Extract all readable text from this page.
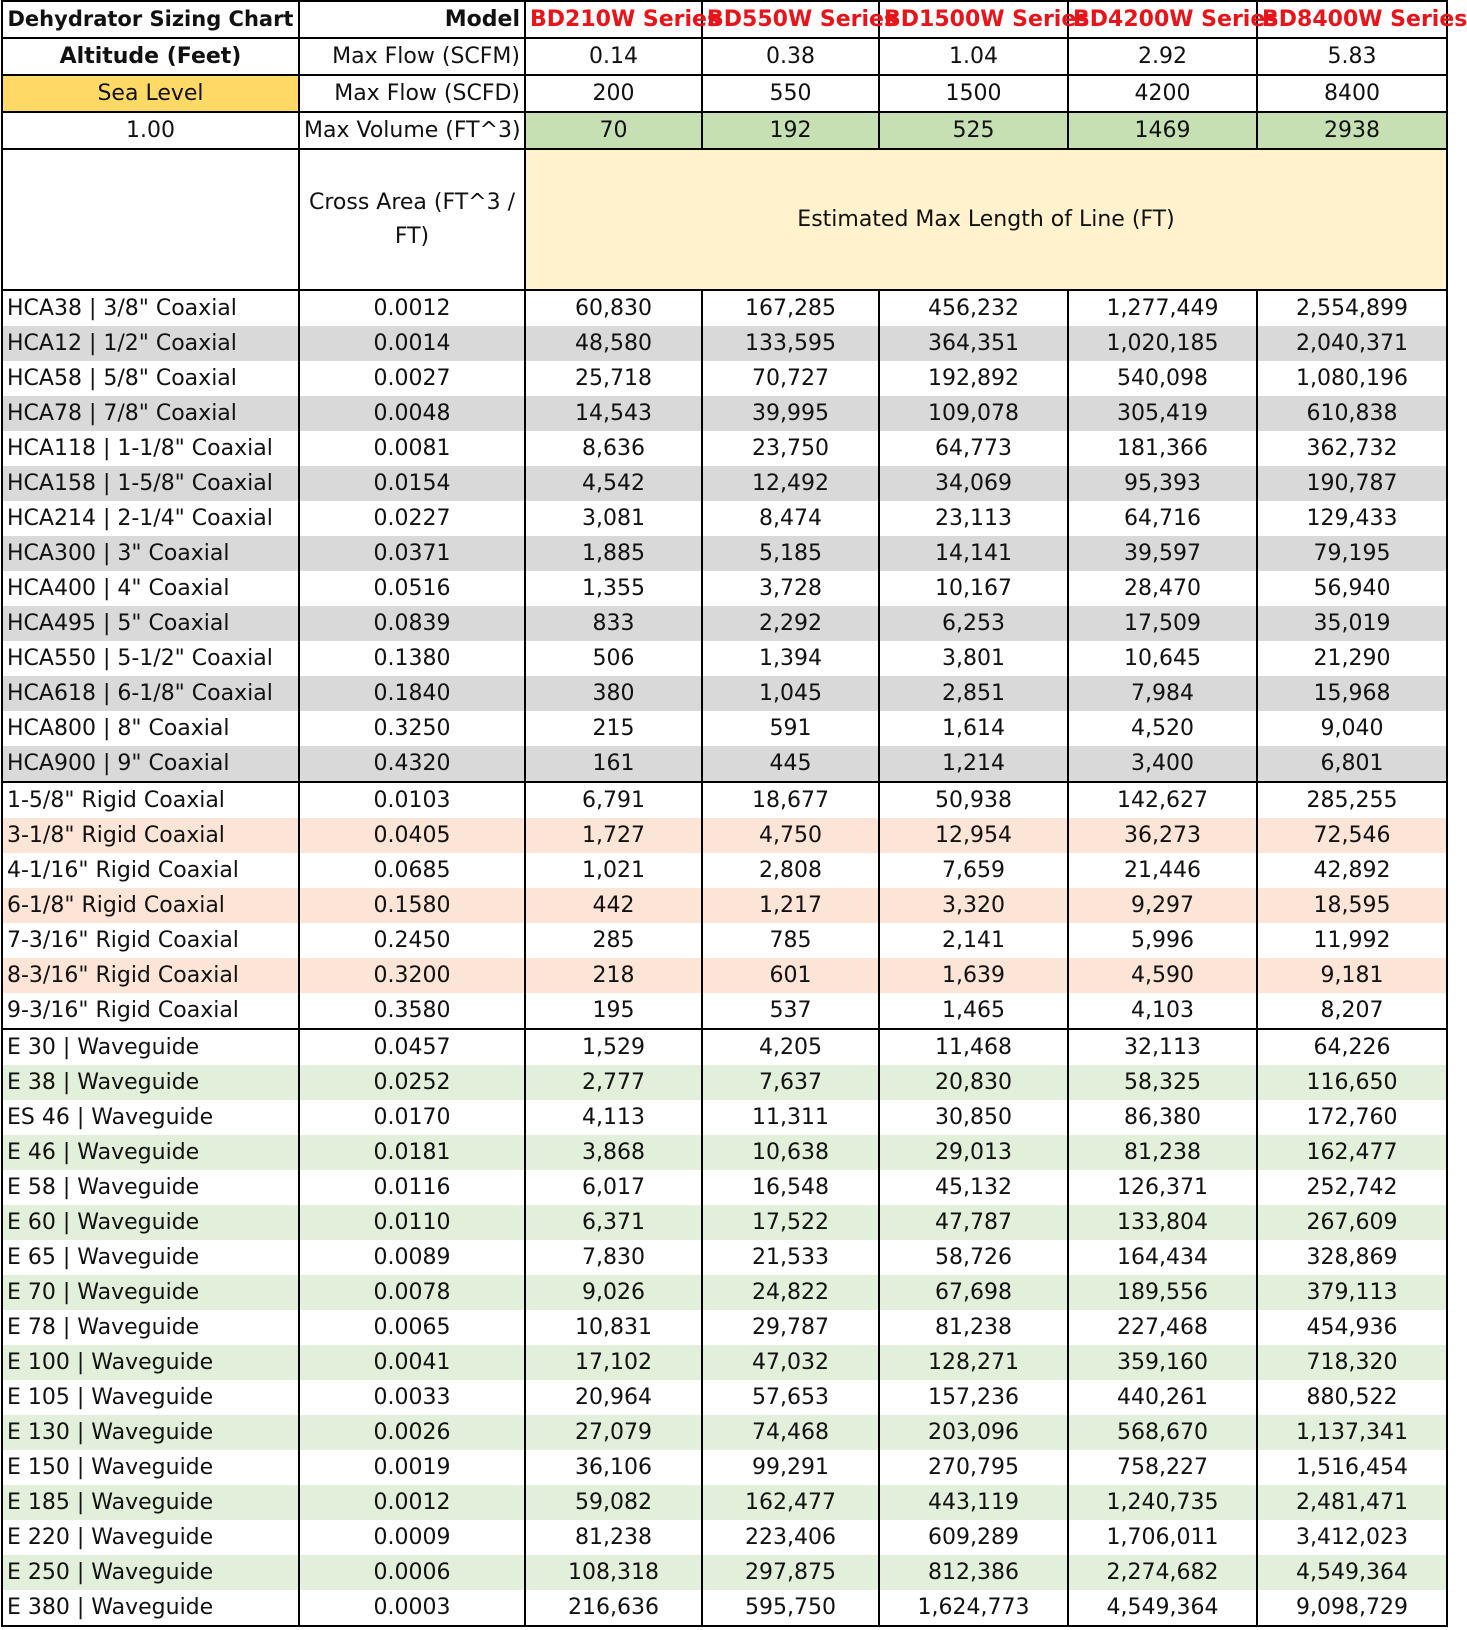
Dehydrator Sizing Chart	Model	BD210W Series	BD550W Series	BD1500W Series	BD4200W Series	BD8400W Series
Altitude (Feet)	Max Flow (SCFM)	0.14	0.38	1.04	2.92	5.83
Sea Level	Max Flow (SCFD)	200	550	1500	4200	8400
1.00	Max Volume (FT^3)	70	192	525	1469	2938
	Cross Area (FT^3 / FT)	Estimated Max Length of Line (FT)				
HCA38 | 3/8" Coaxial	0.0012	60,830	167,285	456,232	1,277,449	2,554,899
HCA12 | 1/2" Coaxial	0.0014	48,580	133,595	364,351	1,020,185	2,040,371
HCA58 | 5/8" Coaxial	0.0027	25,718	70,727	192,892	540,098	1,080,196
HCA78 | 7/8" Coaxial	0.0048	14,543	39,995	109,078	305,419	610,838
HCA118 | 1-1/8" Coaxial	0.0081	8,636	23,750	64,773	181,366	362,732
HCA158 | 1-5/8" Coaxial	0.0154	4,542	12,492	34,069	95,393	190,787
HCA214 | 2-1/4" Coaxial	0.0227	3,081	8,474	23,113	64,716	129,433
HCA300 | 3" Coaxial	0.0371	1,885	5,185	14,141	39,597	79,195
HCA400 | 4" Coaxial	0.0516	1,355	3,728	10,167	28,470	56,940
HCA495 | 5" Coaxial	0.0839	833	2,292	6,253	17,509	35,019
HCA550 | 5-1/2" Coaxial	0.1380	506	1,394	3,801	10,645	21,290
HCA618 | 6-1/8" Coaxial	0.1840	380	1,045	2,851	7,984	15,968
HCA800 | 8" Coaxial	0.3250	215	591	1,614	4,520	9,040
HCA900 | 9" Coaxial	0.4320	161	445	1,214	3,400	6,801
1-5/8" Rigid Coaxial	0.0103	6,791	18,677	50,938	142,627	285,255
3-1/8" Rigid Coaxial	0.0405	1,727	4,750	12,954	36,273	72,546
4-1/16" Rigid Coaxial	0.0685	1,021	2,808	7,659	21,446	42,892
6-1/8" Rigid Coaxial	0.1580	442	1,217	3,320	9,297	18,595
7-3/16" Rigid Coaxial	0.2450	285	785	2,141	5,996	11,992
8-3/16" Rigid Coaxial	0.3200	218	601	1,639	4,590	9,181
9-3/16" Rigid Coaxial	0.3580	195	537	1,465	4,103	8,207
E 30 | Waveguide	0.0457	1,529	4,205	11,468	32,113	64,226
E 38 | Waveguide	0.0252	2,777	7,637	20,830	58,325	116,650
ES 46 | Waveguide	0.0170	4,113	11,311	30,850	86,380	172,760
E 46 | Waveguide	0.0181	3,868	10,638	29,013	81,238	162,477
E 58 | Waveguide	0.0116	6,017	16,548	45,132	126,371	252,742
E 60 | Waveguide	0.0110	6,371	17,522	47,787	133,804	267,609
E 65 | Waveguide	0.0089	7,830	21,533	58,726	164,434	328,869
E 70 | Waveguide	0.0078	9,026	24,822	67,698	189,556	379,113
E 78 | Waveguide	0.0065	10,831	29,787	81,238	227,468	454,936
E 100 | Waveguide	0.0041	17,102	47,032	128,271	359,160	718,320
E 105 | Waveguide	0.0033	20,964	57,653	157,236	440,261	880,522
E 130 | Waveguide	0.0026	27,079	74,468	203,096	568,670	1,137,341
E 150 | Waveguide	0.0019	36,106	99,291	270,795	758,227	1,516,454
E 185 | Waveguide	0.0012	59,082	162,477	443,119	1,240,735	2,481,471
E 220 | Waveguide	0.0009	81,238	223,406	609,289	1,706,011	3,412,023
E 250 | Waveguide	0.0006	108,318	297,875	812,386	2,274,682	4,549,364
E 380 | Waveguide	0.0003	216,636	595,750	1,624,773	4,549,364	9,098,729
